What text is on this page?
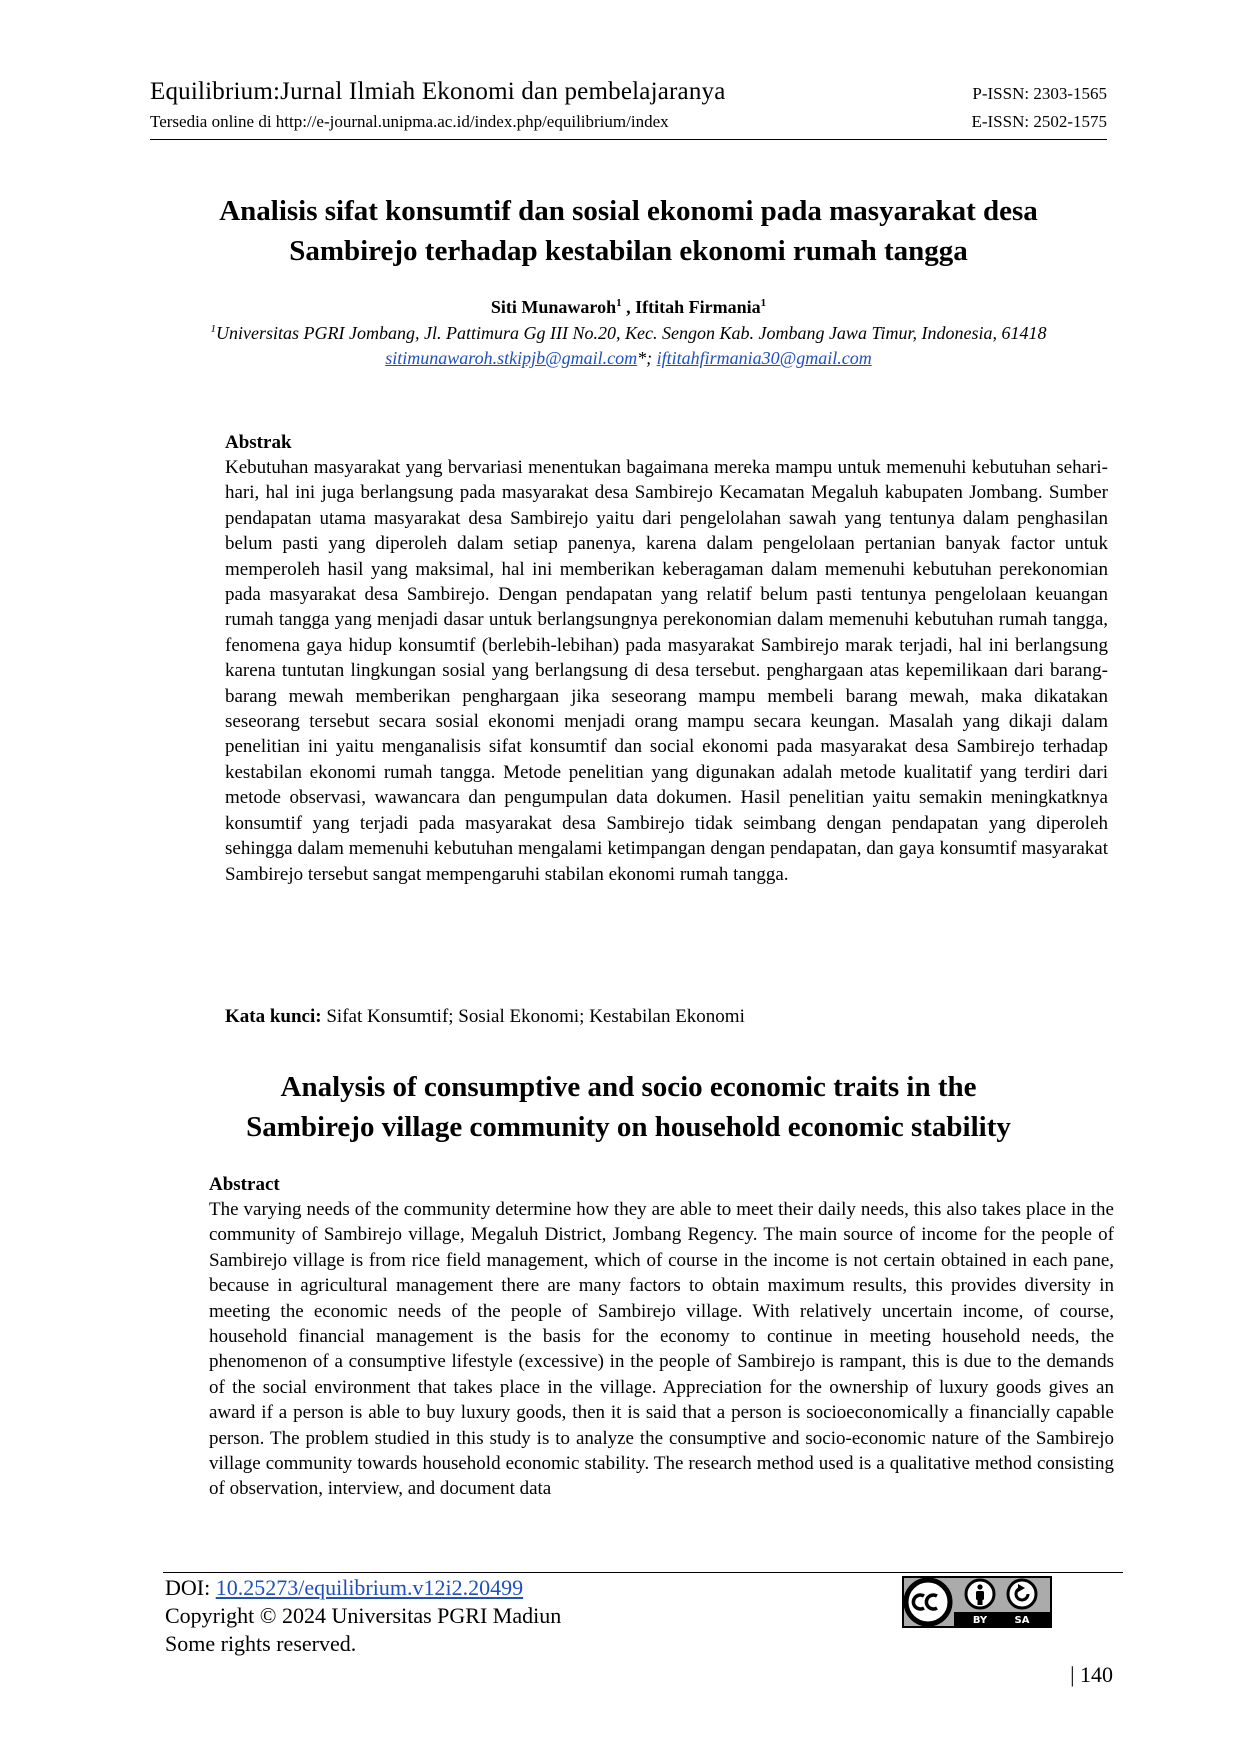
Equilibrium:Jurnal Ilmiah Ekonomi dan pembelajaranya	P-ISSN: 2303-1565
Tersedia online di http://e-journal.unipma.ac.id/index.php/equilibrium/index	E-ISSN: 2502-1575
Analisis sifat konsumtif dan sosial ekonomi pada masyarakat desa
Sambirejo terhadap kestabilan ekonomi rumah tangga
Siti Munawaroh$^1$ , Iftitah Firmania$^1$
$^1$Universitas PGRI Jombang, Jl. Pattimura Gg III No.20, Kec. Sengon Kab. Jombang Jawa Timur, Indonesia, 61418
sitimunawaroh.stkipjb@gmail.com*; iftitahfirmania30@gmail.com
Abstrak

Kebutuhan masyarakat yang bervariasi menentukan bagaimana mereka mampu untuk memenuhi kebutuhan sehari-hari, hal ini juga berlangsung pada masyarakat desa Sambirejo Kecamatan Megaluh kabupaten Jombang. Sumber pendapatan utama masyarakat desa Sambirejo yaitu dari pengelolahan sawah yang tentunya dalam penghasilan belum pasti yang diperoleh dalam setiap panenya, karena dalam pengelolaan pertanian banyak factor untuk memperoleh hasil yang maksimal, hal ini memberikan keberagaman dalam memenuhi kebutuhan perekonomian pada masyarakat desa Sambirejo. Dengan pendapatan yang relatif belum pasti tentunya pengelolaan keuangan rumah tangga yang menjadi dasar untuk berlangsungnya perekonomian dalam memenuhi kebutuhan rumah tangga, fenomena gaya hidup konsumtif (berlebih-lebihan) pada masyarakat Sambirejo marak terjadi, hal ini berlangsung karena tuntutan lingkungan sosial yang berlangsung di desa tersebut. penghargaan atas kepemilikaan dari barang-barang mewah memberikan penghargaan jika seseorang mampu membeli barang mewah, maka dikatakan seseorang tersebut secara sosial ekonomi menjadi orang mampu secara keungan. Masalah yang dikaji dalam penelitian ini yaitu menganalisis sifat konsumtif dan social ekonomi pada masyarakat desa Sambirejo terhadap kestabilan ekonomi rumah tangga. Metode penelitian yang digunakan adalah metode kualitatif yang terdiri dari metode observasi, wawancara dan pengumpulan data dokumen. Hasil penelitian yaitu semakin meningkatknya konsumtif yang terjadi pada masyarakat desa Sambirejo tidak seimbang dengan pendapatan yang diperoleh sehingga dalam memenuhi kebutuhan mengalami ketimpangan dengan pendapatan, dan gaya konsumtif masyarakat Sambirejo tersebut sangat mempengaruhi stabilan ekonomi rumah tangga.

Kata kunci: Sifat Konsumtif; Sosial Ekonomi; Kestabilan Ekonomi
Analysis of consumptive and socio economic traits in the
Sambirejo village community on household economic stability
Abstract

The varying needs of the community determine how they are able to meet their daily needs, this also takes place in the community of Sambirejo village, Megaluh District, Jombang Regency. The main source of income for the people of Sambirejo village is from rice field management, which of course in the income is not certain obtained in each pane, because in agricultural management there are many factors to obtain maximum results, this provides diversity in meeting the economic needs of the people of Sambirejo village. With relatively uncertain income, of course, household financial management is the basis for the economy to continue in meeting household needs, the phenomenon of a consumptive lifestyle (excessive) in the people of Sambirejo is rampant, this is due to the demands of the social environment that takes place in the village. Appreciation for the ownership of luxury goods gives an award if a person is able to buy luxury goods, then it is said that a person is socioeconomically a financially capable person. The problem studied in this study is to analyze the consumptive and socio-economic nature of the Sambirejo village community towards household economic stability. The research method used is a qualitative method consisting of observation, interview, and document data

DOI: 10.25273/equilibrium.v12i2.20499
Copyright © 2024 Universitas PGRI Madiun
Some rights reserved.
BY	SA
| 140
